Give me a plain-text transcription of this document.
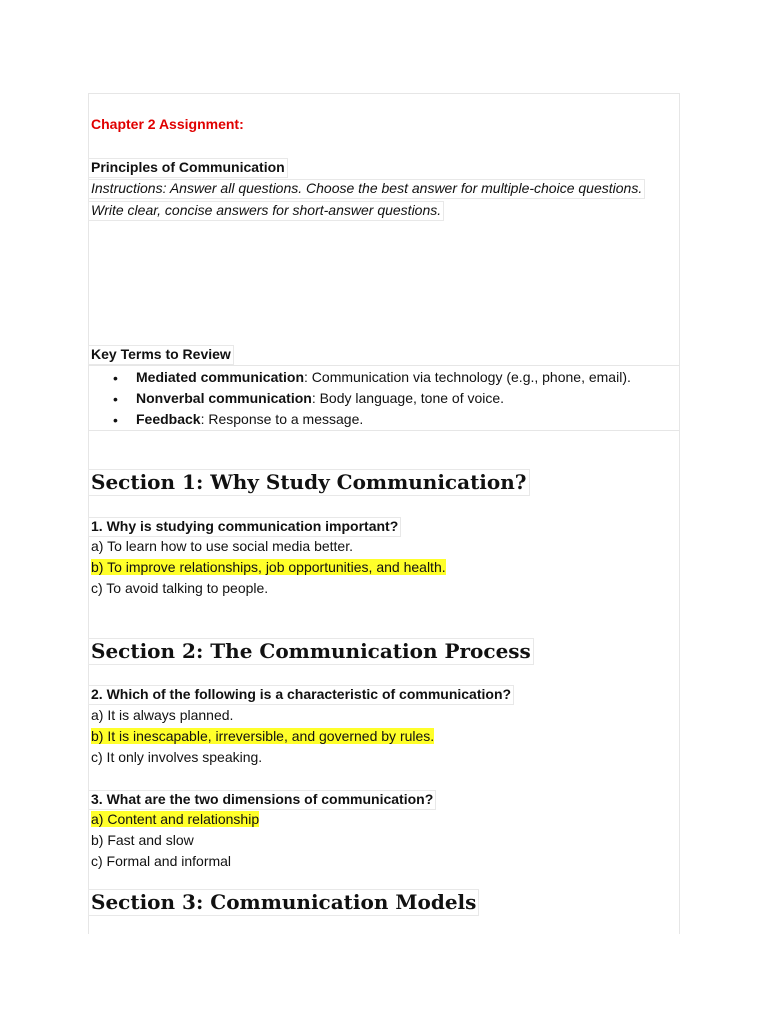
Chapter 2 Assignment:
Principles of Communication
Instructions: Answer all questions. Choose the best answer for multiple-choice questions.
Write clear, concise answers for short-answer questions.
Key Terms to Review
• Mediated communication: Communication via technology (e.g., phone, email).
• Nonverbal communication: Body language, tone of voice.
• Feedback: Response to a message.
Section 1: Why Study Communication?
1. Why is studying communication important?
a) To learn how to use social media better.
b) To improve relationships, job opportunities, and health.
c) To avoid talking to people.
Section 2: The Communication Process
2. Which of the following is a characteristic of communication?
a) It is always planned.
b) It is inescapable, irreversible, and governed by rules.
c) It only involves speaking.
3. What are the two dimensions of communication?
a) Content and relationship
b) Fast and slow
c) Formal and informal
Section 3: Communication Models
